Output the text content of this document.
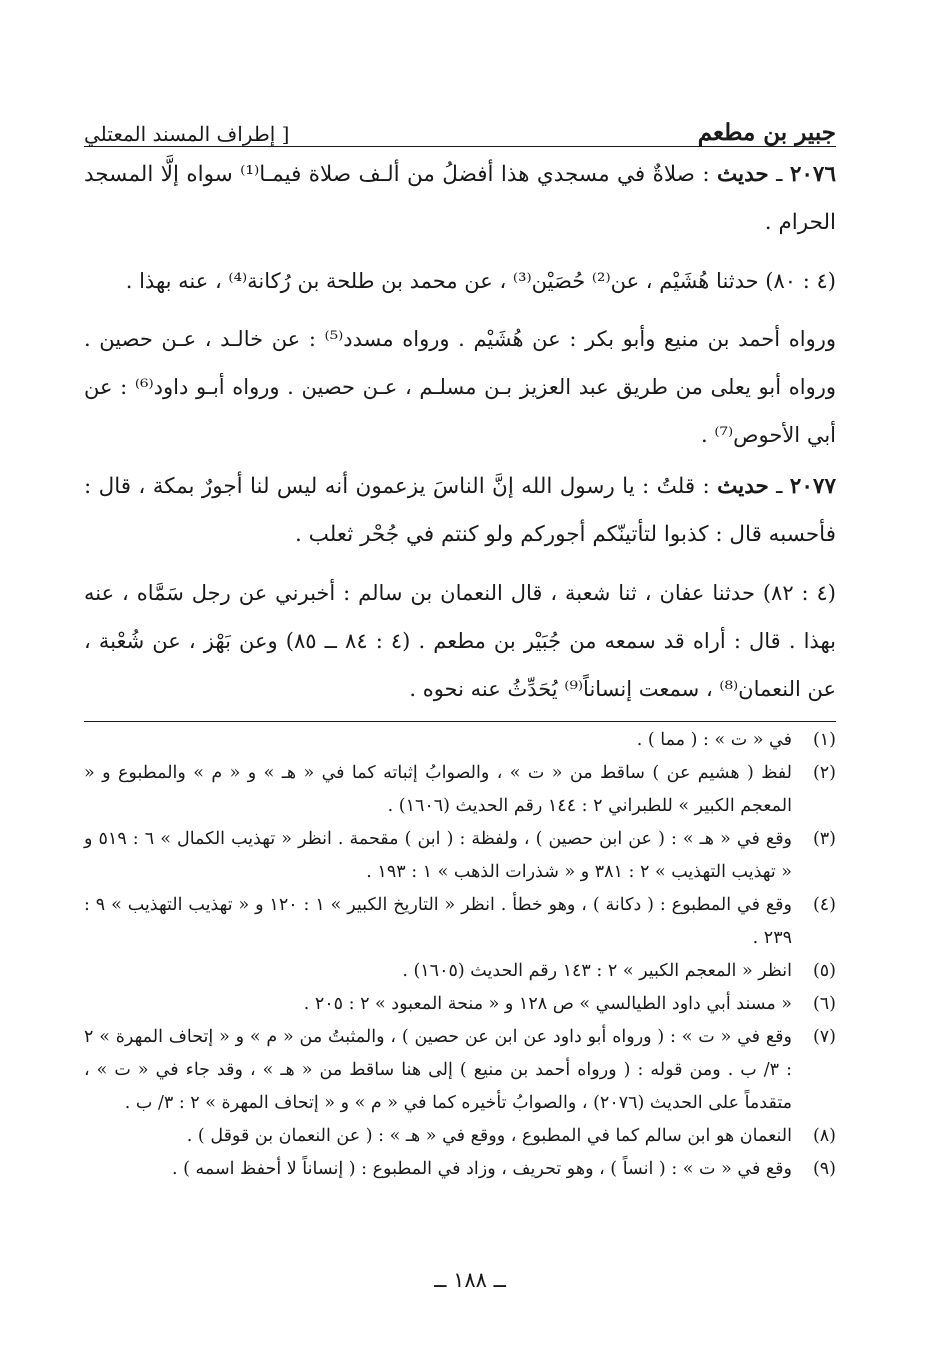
جبير بن مطعم
[ إطراف المسند المعتلي
٢٠٧٦ ـ حديث : صلاةٌ في مسجدي هذا أفضلُ من ألـف صلاة فيمـا⁽¹⁾ سواه إلَّا المسجد الحرام .
(٤ : ٨٠) حدثنا هُشَيْم ، عن⁽²⁾ حُصَيْن⁽³⁾ ، عن محمد بن طلحة بن رُكانة⁽⁴⁾ ، عنه بهذا .
ورواه أحمد بن منيع وأبو بكر : عن هُشَيْم . ورواه مسدد⁽⁵⁾ : عن خالـد ، عـن حصين . ورواه أبو يعلى من طريق عبد العزيز بـن مسلـم ، عـن حصين . ورواه أبـو داود⁽⁶⁾ : عن أبي الأحوص⁽⁷⁾ .
٢٠٧٧ ـ حديث : قلتُ : يا رسول الله إنَّ الناسَ يزعمون أنه ليس لنا أجورٌ بمكة ، قال : فأحسبه قال : كذبوا لتأتينّكم أجوركم ولو كنتم في جُحْر ثعلب .
(٤ : ٨٢) حدثنا عفان ، ثنا شعبة ، قال النعمان بن سالم : أخبرني عن رجل سَمَّاه ، عنه بهذا . قال : أراه قد سمعه من جُبَيْر بن مطعم . (٤ : ٨٤ ــ ٨٥) وعن بَهْز ، عن شُعْبة ، عن النعمان⁽⁸⁾ ، سمعت إنساناً⁽⁹⁾ يُحَدِّثُ عنه نحوه .
(١)
في « ت » : ( مما ) .
(٢)
لفظ ( هشيم عن ) ساقط من « ت » ، والصوابُ إثباته كما في « هـ » و « م » والمطبوع و « المعجم الكبير » للطبراني ٢ : ١٤٤ رقم الحديث (١٦٠٦) .
(٣)
وقع في « هـ » : ( عن ابن حصين ) ، ولفظة : ( ابن ) مقحمة . انظر « تهذيب الكمال » ٦ : ٥١٩ و « تهذيب التهذيب » ٢ : ٣٨١ و « شذرات الذهب » ١ : ١٩٣ .
(٤)
وقع في المطبوع : ( دكانة ) ، وهو خطأ . انظر « التاريخ الكبير » ١ : ١٢٠ و « تهذيب التهذيب » ٩ : ٢٣٩ .
(٥)
انظر « المعجم الكبير » ٢ : ١٤٣ رقم الحديث (١٦٠٥) .
(٦)
« مسند أبي داود الطيالسي » ص ١٢٨ و « منحة المعبود » ٢ : ٢٠٥ .
(٧)
وقع في « ت » : ( ورواه أبو داود عن ابن عن حصين ) ، والمثبتُ من « م » و « إتحاف المهرة » ٢ : ٣/ ب . ومن قوله : ( ورواه أحمد بن منيع ) إلى هنا ساقط من « هـ » ، وقد جاء في « ت » ، متقدماً على الحديث (٢٠٧٦) ، والصوابُ تأخيره كما في « م » و « إتحاف المهرة » ٢ : ٣/ ب .
(٨)
النعمان هو ابن سالم كما في المطبوع ، ووقع في « هـ » : ( عن النعمان بن قوقل ) .
(٩)
وقع في « ت » : ( انساً ) ، وهو تحريف ، وزاد في المطبوع : ( إنساناً لا أحفظ اسمه ) .
ــ ١٨٨ ــ
